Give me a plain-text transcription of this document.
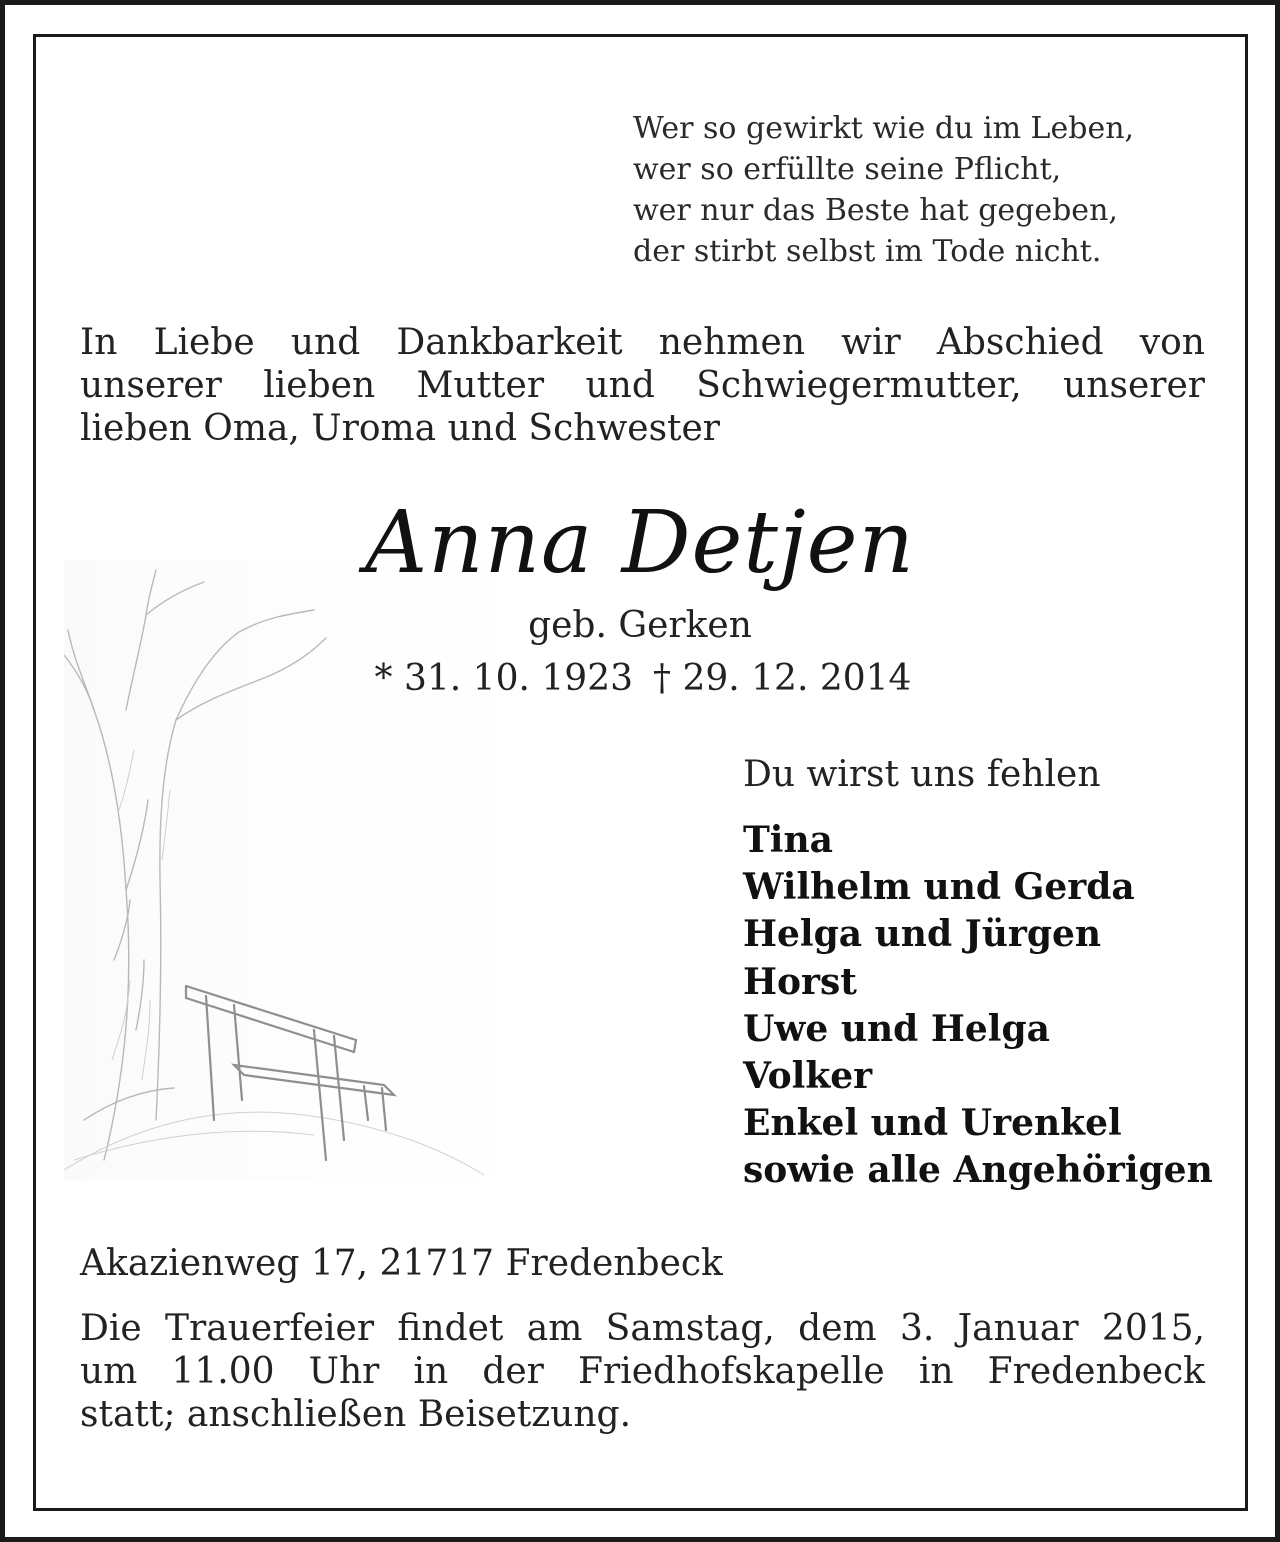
Wer so gewirkt wie du im Leben,
wer so erfüllte seine Pflicht,
wer nur das Beste hat gegeben,
der stirbt selbst im Tode nicht.
In Liebe und Dankbarkeit nehmen wir Abschied von
unserer lieben Mutter und Schwiegermutter, unserer
lieben Oma, Uroma und Schwester
Anna Detjen
geb. Gerken
* 31. 10. 1923 † 29. 12. 2014
Du wirst uns fehlen
Tina
Wilhelm und Gerda
Helga und Jürgen
Horst
Uwe und Helga
Volker
Enkel und Urenkel
sowie alle Angehörigen
Akazienweg 17, 21717 Fredenbeck
Die Trauerfeier findet am Samstag, dem 3. Januar 2015,
um 11.00 Uhr in der Friedhofskapelle in Fredenbeck
statt; anschließen Beisetzung.
